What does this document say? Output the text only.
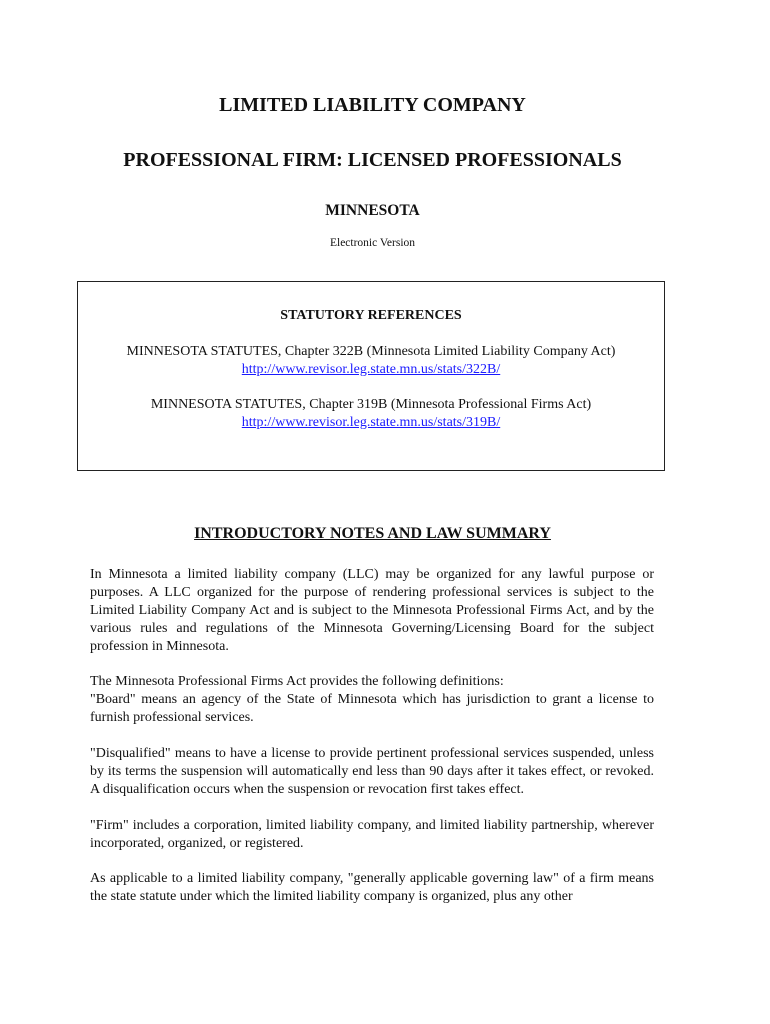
LIMITED LIABILITY COMPANY
PROFESSIONAL FIRM: LICENSED PROFESSIONALS
MINNESOTA
Electronic Version
STATUTORY REFERENCES
MINNESOTA STATUTES, Chapter 322B (Minnesota Limited Liability Company Act)
http://www.revisor.leg.state.mn.us/stats/322B/
MINNESOTA STATUTES, Chapter 319B (Minnesota Professional Firms Act)
http://www.revisor.leg.state.mn.us/stats/319B/
INTRODUCTORY NOTES AND LAW SUMMARY

In Minnesota a limited liability company (LLC) may be organized for any lawful purpose or purposes. A LLC organized for the purpose of rendering professional services is subject to the Limited Liability Company Act and is subject to the Minnesota Professional Firms Act, and by the various rules and regulations of the Minnesota Governing/Licensing Board for the subject profession in Minnesota.

The Minnesota Professional Firms Act provides the following definitions:

"Board" means an agency of the State of Minnesota which has jurisdiction to grant a license to furnish professional services.

"Disqualified" means to have a license to provide pertinent professional services suspended, unless by its terms the suspension will automatically end less than 90 days after it takes effect, or revoked. A disqualification occurs when the suspension or revocation first takes effect.

"Firm" includes a corporation, limited liability company, and limited liability partnership, wherever incorporated, organized, or registered.

As applicable to a limited liability company, "generally applicable governing law" of a firm means the state statute under which the limited liability company is organized, plus any other
